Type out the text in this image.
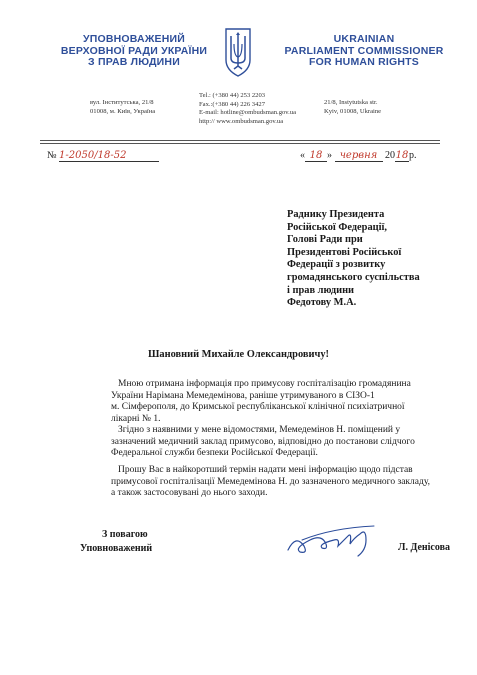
УПОВНОВАЖЕНИЙ
ВЕРХОВНОЇ РАДИ УКРАЇНИ
З ПРАВ ЛЮДИНИ
UKRAINIAN
PARLIAMENT COMMISSIONER
FOR HUMAN RIGHTS
вул. Інститутська, 21/8
01008, м. Київ, Україна
Tel.: (+380 44) 253 2203
Fax.:(+380 44) 226 3427
E-mail: hotline@ombudsman.gov.ua
http:// www.ombudsman.gov.ua
21/8, Instytutska str.
Kyiv, 01008, Ukraine
№ 1-2050/18-52	« 18 » червня 2018р.
Раднику Президента
Російської Федерації,
Голові Ради при
Президентові Російської
Федерації з розвитку
громадянського суспільства
і прав людини
Федотову М.А.
Шановний Михайле Олександровичу!
Мною отримана інформація про примусову госпіталізацію громадянина
України Нарімана Мемедемінова, раніше утримуваного в СІЗО-1
м. Сімферополя, до Кримської республіканської клінічної психіатричної
лікарні № 1.
Згідно з наявними у мене відомостями, Мемедемінов Н. поміщений у
зазначений медичний заклад примусово, відповідно до постанови слідчого
Федеральної служби безпеки Російської Федерації.
Прошу Вас в найкоротший термін надати мені інформацію щодо підстав
примусової госпіталізації Мемедемінова Н. до зазначеного медичного закладу,
а також застосовувані до нього заходи.
З повагою
Уповноважений	Л. Денісова
